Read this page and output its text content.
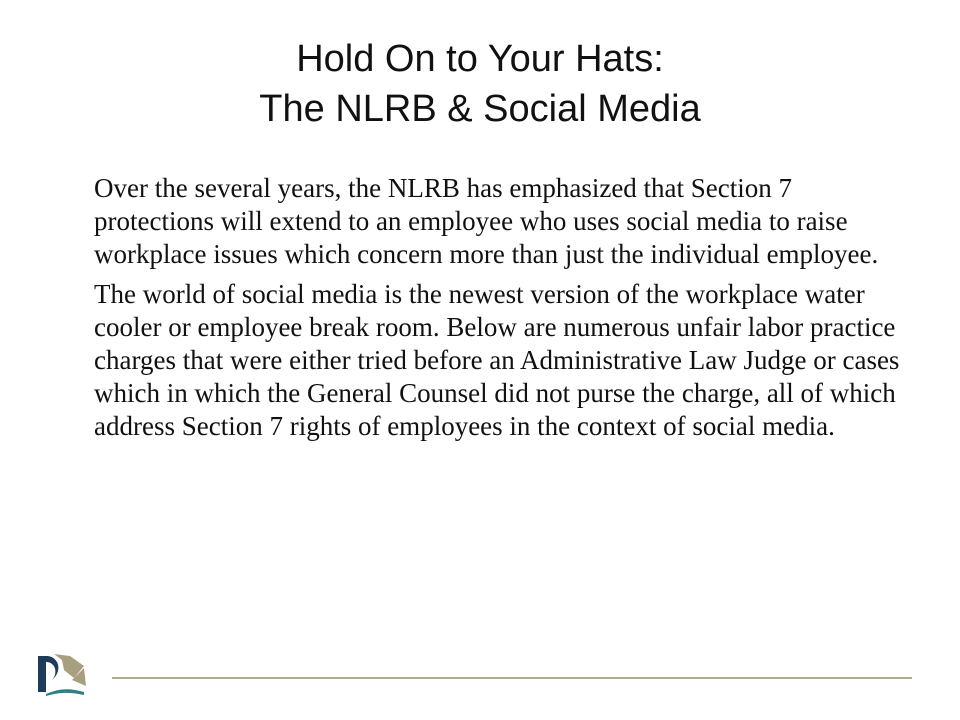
Hold On to Your Hats:
The NLRB & Social Media

Over the several years, the NLRB has emphasized that Section 7 protections will extend to an employee who uses social media to raise workplace issues which concern more than just the individual employee.

The world of social media is the newest version of the workplace water cooler or employee break room. Below are numerous unfair labor practice charges that were either tried before an Administrative Law Judge or cases which in which the General Counsel did not purse the charge, all of which address Section 7 rights of employees in the context of social media.
